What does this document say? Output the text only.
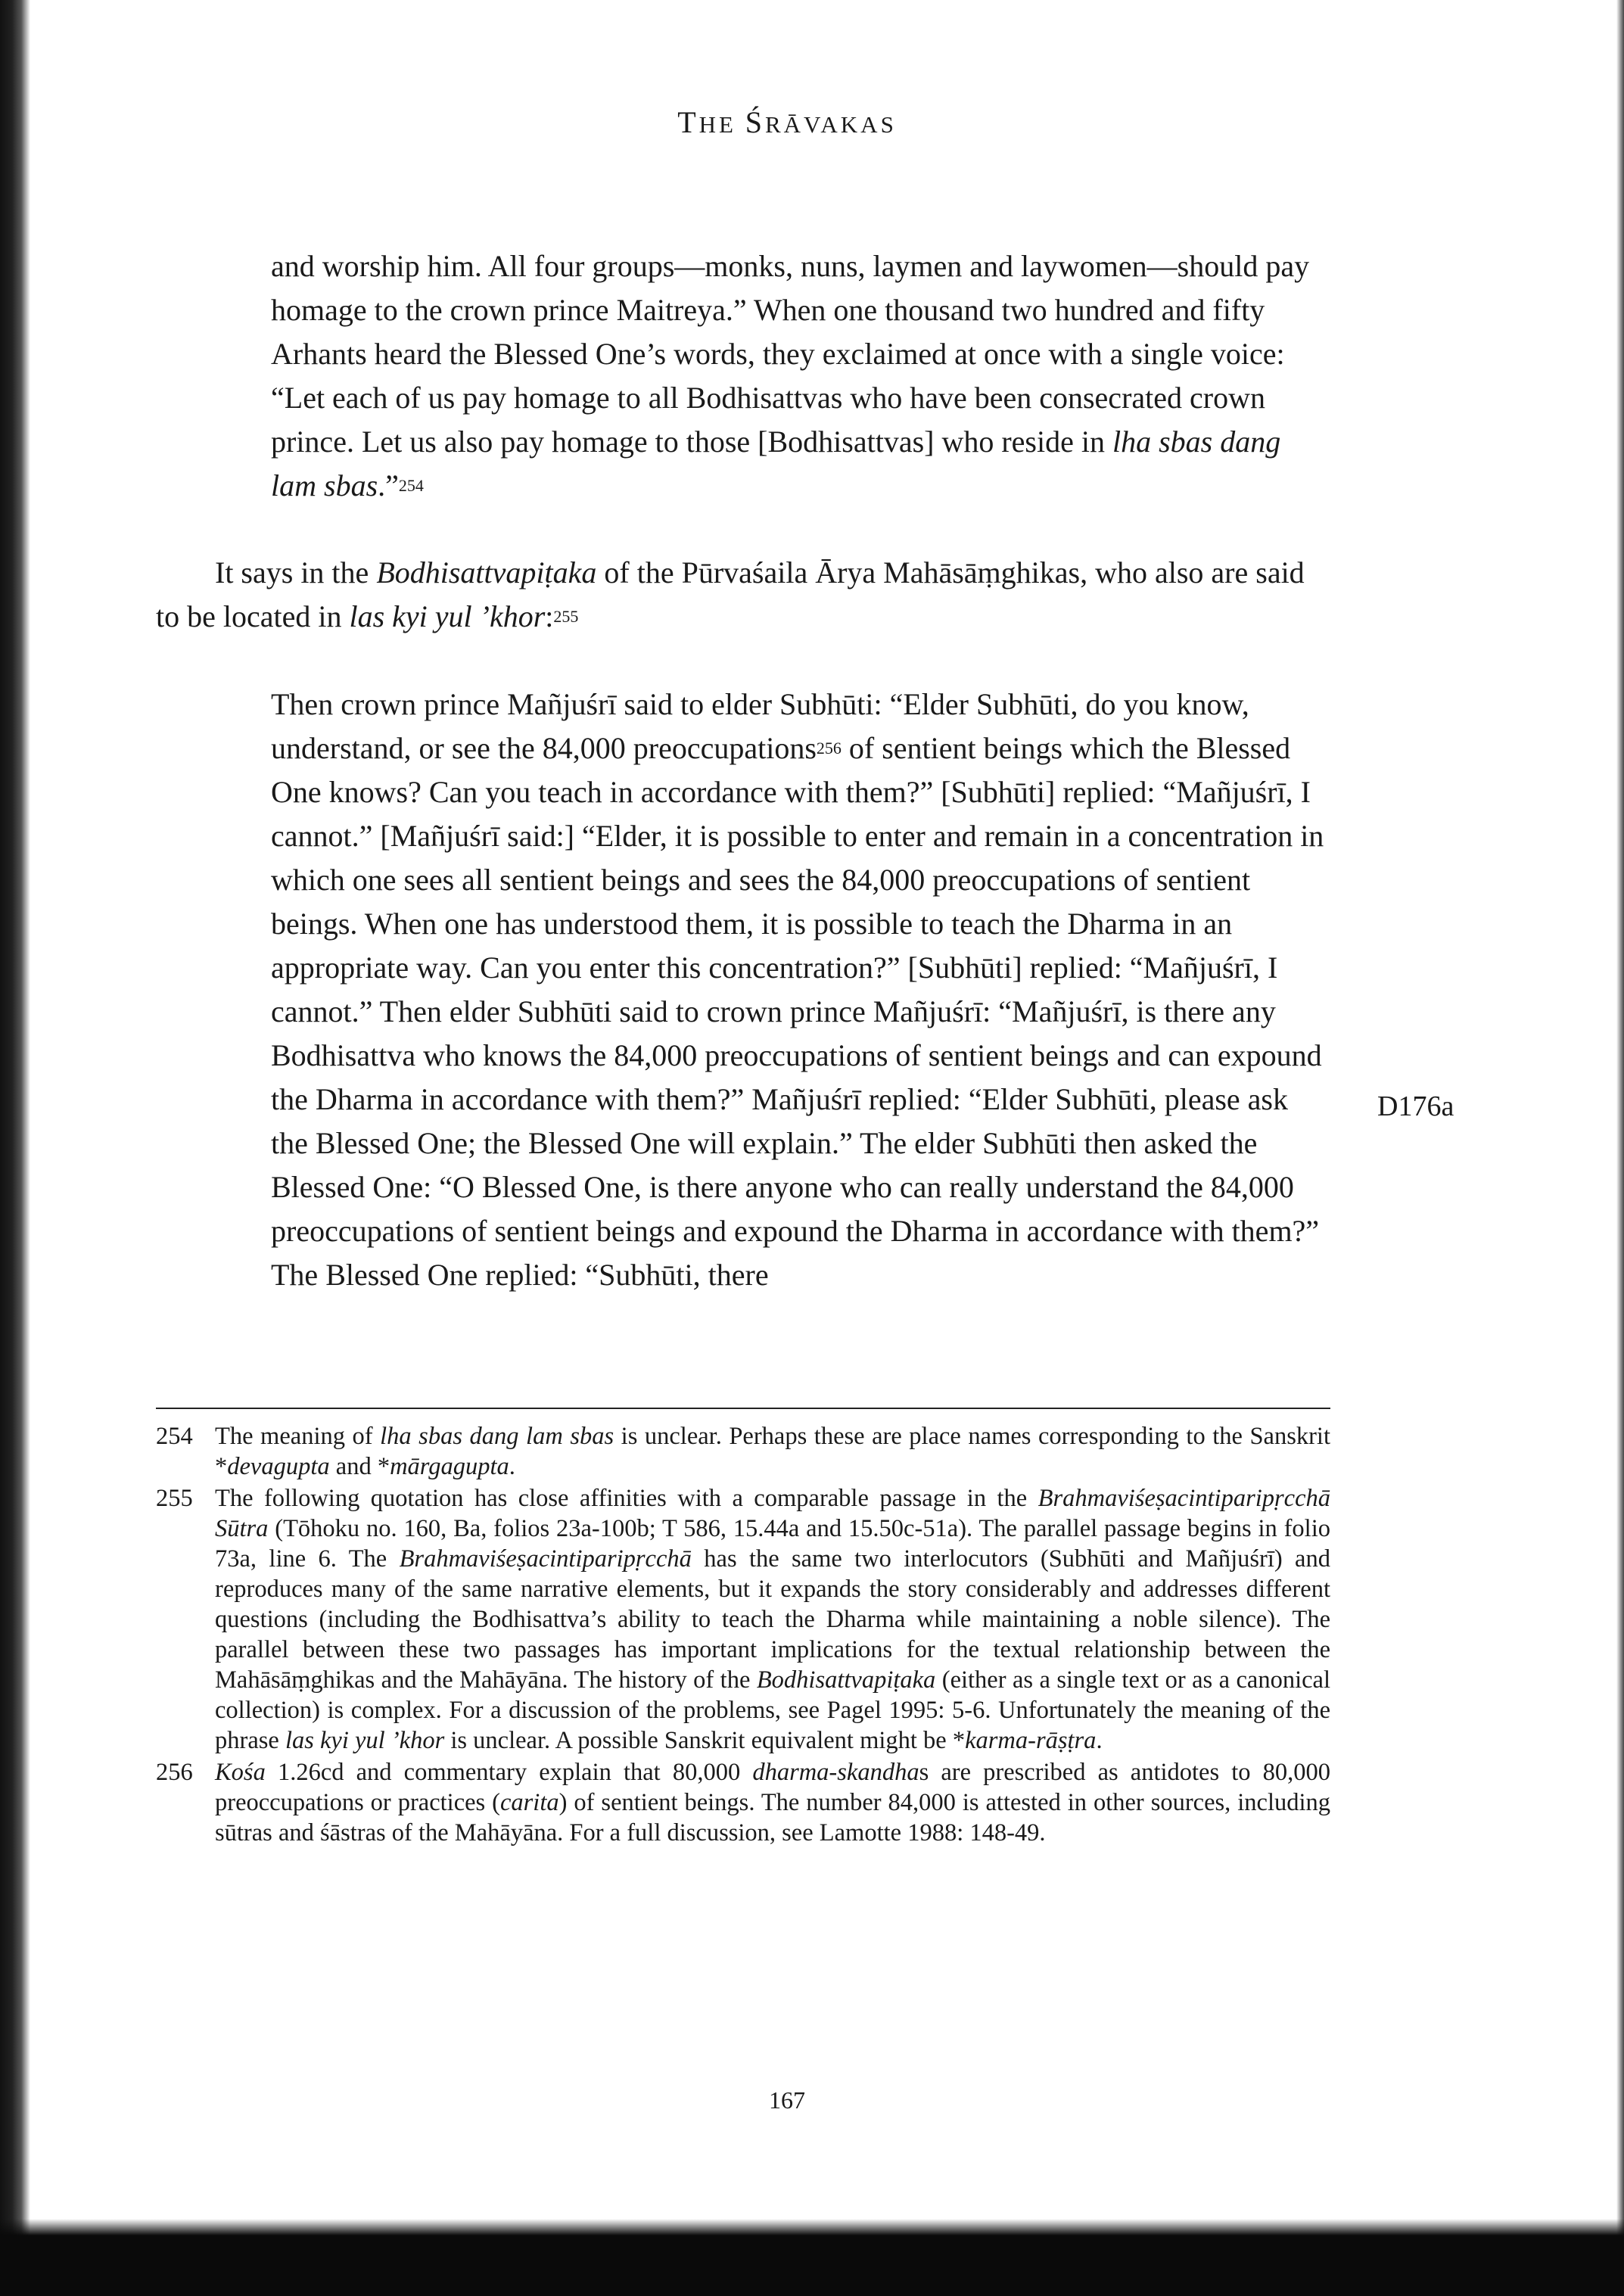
THE ŚRĀVAKAS

and worship him. All four groups—monks, nuns, laymen and laywomen—should pay homage to the crown prince Maitreya.” When one thousand two hundred and fifty Arhants heard the Blessed One’s words, they exclaimed at once with a single voice: “Let each of us pay homage to all Bodhisattvas who have been consecrated crown prince. Let us also pay homage to those [Bodhisattvas] who reside in lha sbas dang lam sbas.”$^{254}$

It says in the Bodhisattvapiṭaka of the Pūrvaśaila Ārya Mahāsāṃghikas, who also are said to be located in las kyi yul ’khor:$^{255}$

Then crown prince Mañjuśrī said to elder Subhūti: “Elder Subhūti, do you know, understand, or see the 84,000 preoccupations$^{256}$ of sentient beings which the Blessed One knows? Can you teach in accordance with them?” [Subhūti] replied: “Mañjuśrī, I cannot.” [Mañjuśrī said:] “Elder, it is possible to enter and remain in a concentration in which one sees all sentient beings and sees the 84,000 preoccupations of sentient beings. When one has understood them, it is possible to teach the Dharma in an appropriate way. Can you enter this concentration?” [Subhūti] replied: “Mañjuśrī, I cannot.” Then elder Subhūti said to crown prince Mañjuśrī: “Mañjuśrī, is there any Bodhisattva who knows the 84,000 preoccupations of sentient beings and can expound the Dharma in accordance with them?” Mañjuśrī replied: “Elder Subhūti, please ask the Blessed One; the Blessed One will explain.” The elder Subhūti then asked the Blessed One: “O Blessed One, is there anyone who can really understand the 84,000 preoccupations of sentient beings and expound the Dharma in accordance with them?” The Blessed One replied: “Subhūti, there

D176a
254 The meaning of lha sbas dang lam sbas is unclear. Perhaps these are place names corresponding to the Sanskrit *devagupta and *mārgagupta.
255 The following quotation has close affinities with a comparable passage in the Brahmaviśeṣacintiparipṛcchā Sūtra (Tōhoku no. 160, Ba, folios 23a-100b; T 586, 15.44a and 15.50c-51a). The parallel passage begins in folio 73a, line 6. The Brahmaviśeṣacintiparipṛcchā has the same two interlocutors (Subhūti and Mañjuśrī) and reproduces many of the same narrative elements, but it expands the story considerably and addresses different questions (including the Bodhisattva’s ability to teach the Dharma while maintaining a noble silence). The parallel between these two passages has important implications for the textual relationship between the Mahāsāṃghikas and the Mahāyāna. The history of the Bodhisattvapiṭaka (either as a single text or as a canonical collection) is complex. For a discussion of the problems, see Pagel 1995: 5-6. Unfortunately the meaning of the phrase las kyi yul ’khor is unclear. A possible Sanskrit equivalent might be *karma-rāṣṭra.
256 Kośa 1.26cd and commentary explain that 80,000 dharma-skandhas are prescribed as antidotes to 80,000 preoccupations or practices (carita) of sentient beings. The number 84,000 is attested in other sources, including sūtras and śāstras of the Mahāyāna. For a full discussion, see Lamotte 1988: 148-49.
167
